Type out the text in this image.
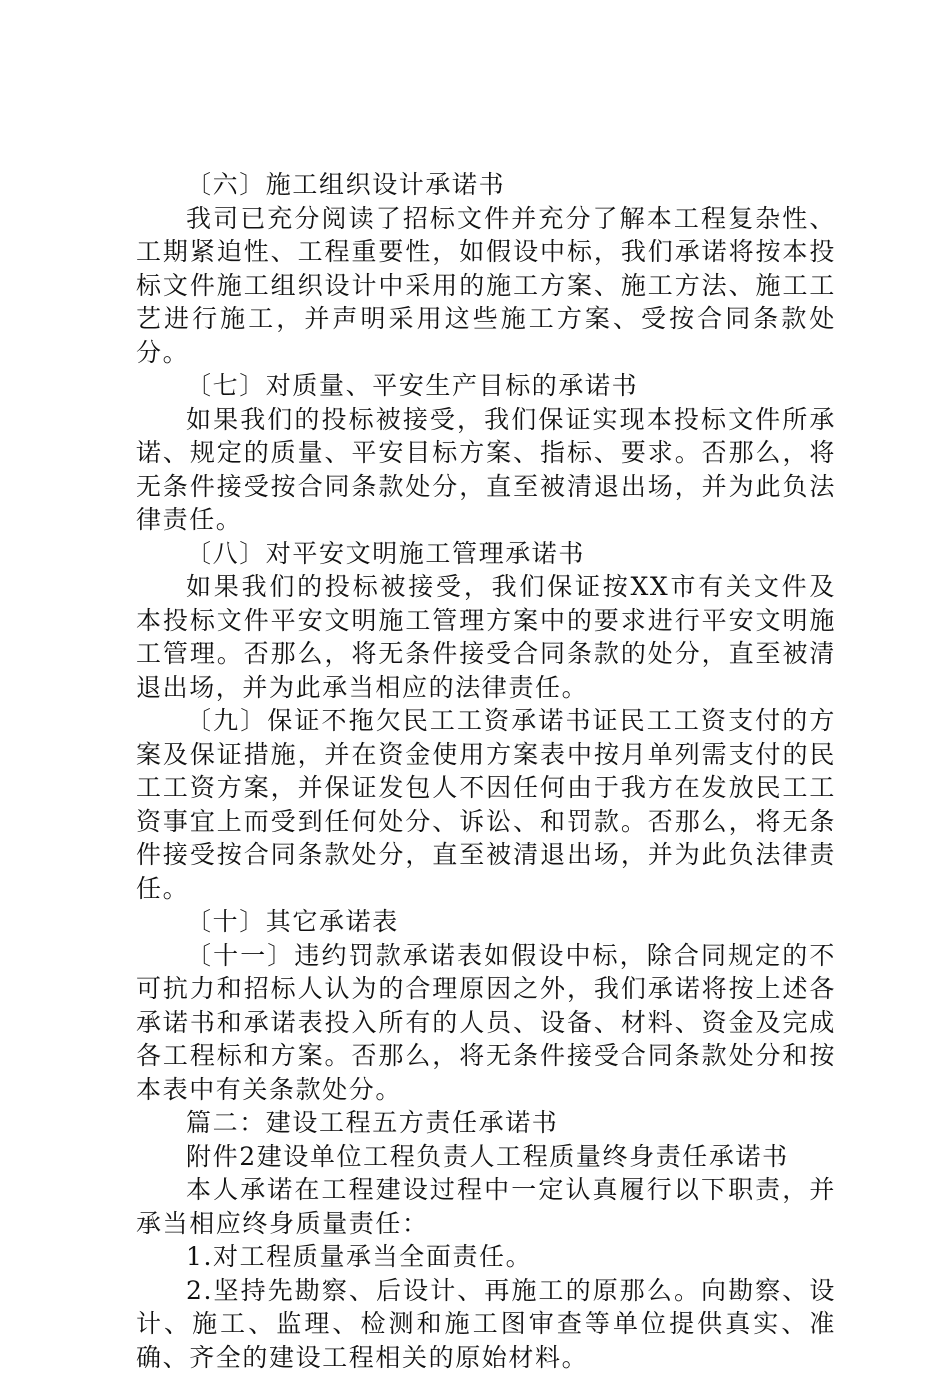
〔六〕施工组织设计承诺书

我司已充分阅读了招标文件并充分了解本工程复杂性、工期紧迫性、工程重要性，如假设中标，我们承诺将按本投标文件施工组织设计中采用的施工方案、施工方法、施工工艺进行施工，并声明采用这些施工方案、受按合同条款处分。

〔七〕对质量、平安生产目标的承诺书

如果我们的投标被接受，我们保证实现本投标文件所承诺、规定的质量、平安目标方案、指标、要求。否那么，将无条件接受按合同条款处分，直至被清退出场，并为此负法律责任。

〔八〕对平安文明施工管理承诺书

如果我们的投标被接受，我们保证按XX市有关文件及本投标文件平安文明施工管理方案中的要求进行平安文明施工管理。否那么，将无条件接受合同条款的处分，直至被清退出场，并为此承当相应的法律责任。

〔九〕保证不拖欠民工工资承诺书证民工工资支付的方案及保证措施，并在资金使用方案表中按月单列需支付的民工工资方案，并保证发包人不因任何由于我方在发放民工工资事宜上而受到任何处分、诉讼、和罚款。否那么，将无条件接受按合同条款处分，直至被清退出场，并为此负法律责任。

〔十〕其它承诺表

〔十一〕违约罚款承诺表如假设中标，除合同规定的不可抗力和招标人认为的合理原因之外，我们承诺将按上述各承诺书和承诺表投入所有的人员、设备、材料、资金及完成各工程标和方案。否那么，将无条件接受合同条款处分和按本表中有关条款处分。

篇二：建设工程五方责任承诺书

附件2建设单位工程负责人工程质量终身责任承诺书

本人承诺在工程建设过程中一定认真履行以下职责，并承当相应终身质量责任：

1.对工程质量承当全面责任。

2.坚持先勘察、后设计、再施工的原那么。向勘察、设计、施工、监理、检测和施工图审查等单位提供真实、准确、齐全的建设工程相关的原始材料。
